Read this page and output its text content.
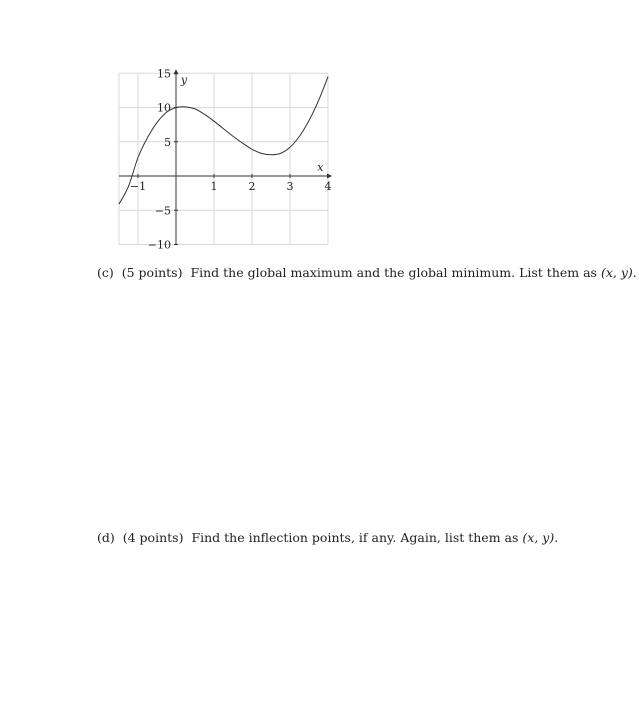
−1	1	2	3	4
−10
−5
5
10
15
x
y
(c) (5 points) Find the global maximum and the global minimum. List them as (x, y).
(d) (4 points) Find the inflection points, if any. Again, list them as (x, y).
